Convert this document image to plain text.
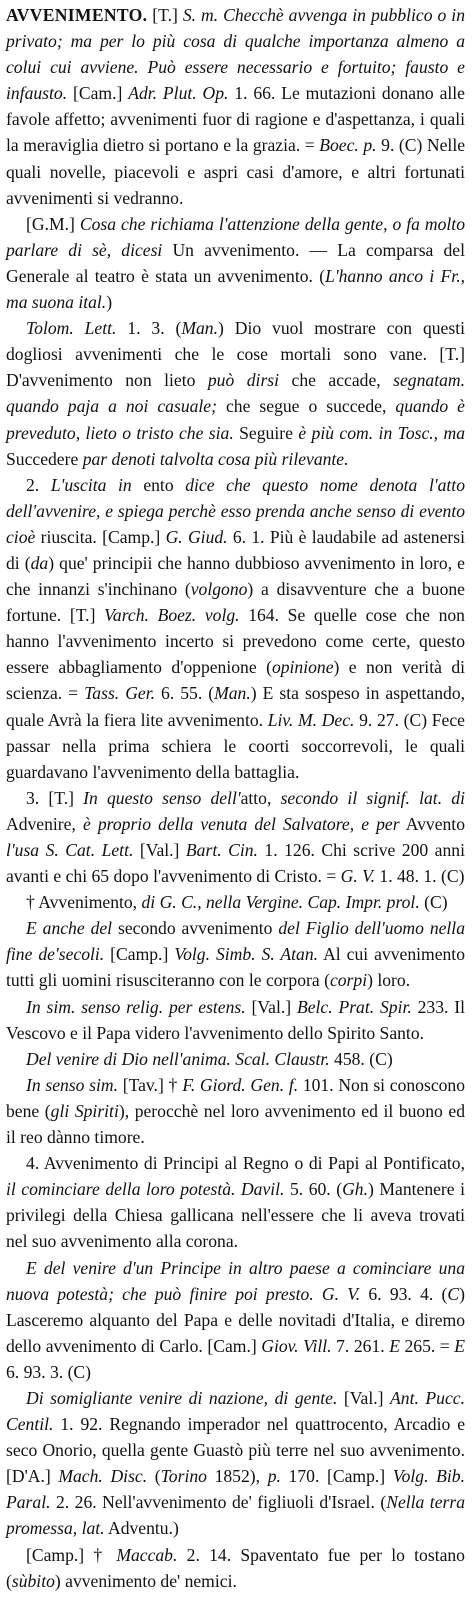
AVVENIMENTO. [T.] S. m. Checchè avvenga in pubblico o in privato; ma per lo più cosa di qualche importanza almeno a colui cui avviene. Può essere necessario e fortuito; fausto e infausto. [Cam.] Adr. Plut. Op. 1. 66. Le mutazioni donano alle favole affetto; avvenimenti fuor di ragione e d'aspettanza, i quali la meraviglia dietro si portano e la grazia. = Boec. p. 9. (C) Nelle quali novelle, piacevoli e aspri casi d'amore, e altri fortunati avvenimenti si vedranno.

[G.M.] Cosa che richiama l'attenzione della gente, o fa molto parlare di sè, dicesi Un avvenimento. — La comparsa del Generale al teatro è stata un avvenimento. (L'hanno anco i Fr., ma suona ital.)

Tolom. Lett. 1. 3. (Man.) Dio vuol mostrare con questi dogliosi avvenimenti che le cose mortali sono vane. [T.] D'avvenimento non lieto può dirsi che accade, segnatam. quando paja a noi casuale; che segue o succede, quando è preveduto, lieto o tristo che sia. Seguire è più com. in Tosc., ma Succedere par denoti talvolta cosa più rilevante.

2. L'uscita in ento dice che questo nome denota l'atto dell'avvenire, e spiega perchè esso prenda anche senso di evento cioè riuscita. [Camp.] G. Giud. 6. 1. Più è laudabile ad astenersi di (da) que' principii che hanno dubbioso avvenimento in loro, e che innanzi s'inchinano (volgono) a disavventure che a buone fortune. [T.] Varch. Boez. volg. 164. Se quelle cose che non hanno l'avvenimento incerto si prevedono come certe, questo essere abbagliamento d'oppenione (opinione) e non verità di scienza. = Tass. Ger. 6. 55. (Man.) E sta sospeso in aspettando, quale Avrà la fiera lite avvenimento. Liv. M. Dec. 9. 27. (C) Fece passar nella prima schiera le coorti soccorrevoli, le quali guardavano l'avvenimento della battaglia.

3. [T.] In questo senso dell'atto, secondo il signif. lat. di Advenire, è proprio della venuta del Salvatore, e per Avvento l'usa S. Cat. Lett. [Val.] Bart. Cin. 1. 126. Chi scrive 200 anni avanti e chi 65 dopo l'avvenimento di Cristo. = G. V. 1. 48. 1. (C)

† Avvenimento, di G. C., nella Vergine. Cap. Impr. prol. (C)

E anche del secondo avvenimento del Figlio dell'uomo nella fine de'secoli. [Camp.] Volg. Simb. S. Atan. Al cui avvenimento tutti gli uomini risusciteranno con le corpora (corpi) loro.

In sim. senso relig. per estens. [Val.] Belc. Prat. Spir. 233. Il Vescovo e il Papa videro l'avvenimento dello Spirito Santo.

Del venire di Dio nell'anima. Scal. Claustr. 458. (C)

In senso sim. [Tav.] † F. Giord. Gen. f. 101. Non si conoscono bene (gli Spiriti), perocchè nel loro avvenimento ed il buono ed il reo dànno timore.

4. Avvenimento di Principi al Regno o di Papi al Pontificato, il cominciare della loro potestà. Davil. 5. 60. (Gh.) Mantenere i privilegi della Chiesa gallicana nell'essere che li aveva trovati nel suo avvenimento alla corona.

E del venire d'un Principe in altro paese a cominciare una nuova potestà; che può finire poi presto. G. V. 6. 93. 4. (C) Lasceremo alquanto del Papa e delle novitadi d'Italia, e diremo dello avvenimento di Carlo. [Cam.] Giov. Vill. 7. 261. E 265. = E 6. 93. 3. (C)

Di somigliante venire di nazione, di gente. [Val.] Ant. Pucc. Centil. 1. 92. Regnando imperador nel quattrocento, Arcadio e seco Onorio, quella gente Guastò più terre nel suo avvenimento. [D'A.] Mach. Disc. (Torino 1852), p. 170. [Camp.] Volg. Bib. Paral. 2. 26. Nell'avvenimento de' figliuoli d'Israel. (Nella terra promessa, lat. Adventu.)

[Camp.] † Maccab. 2. 14. Spaventato fue per lo tostano (sùbito) avvenimento de' nemici.
